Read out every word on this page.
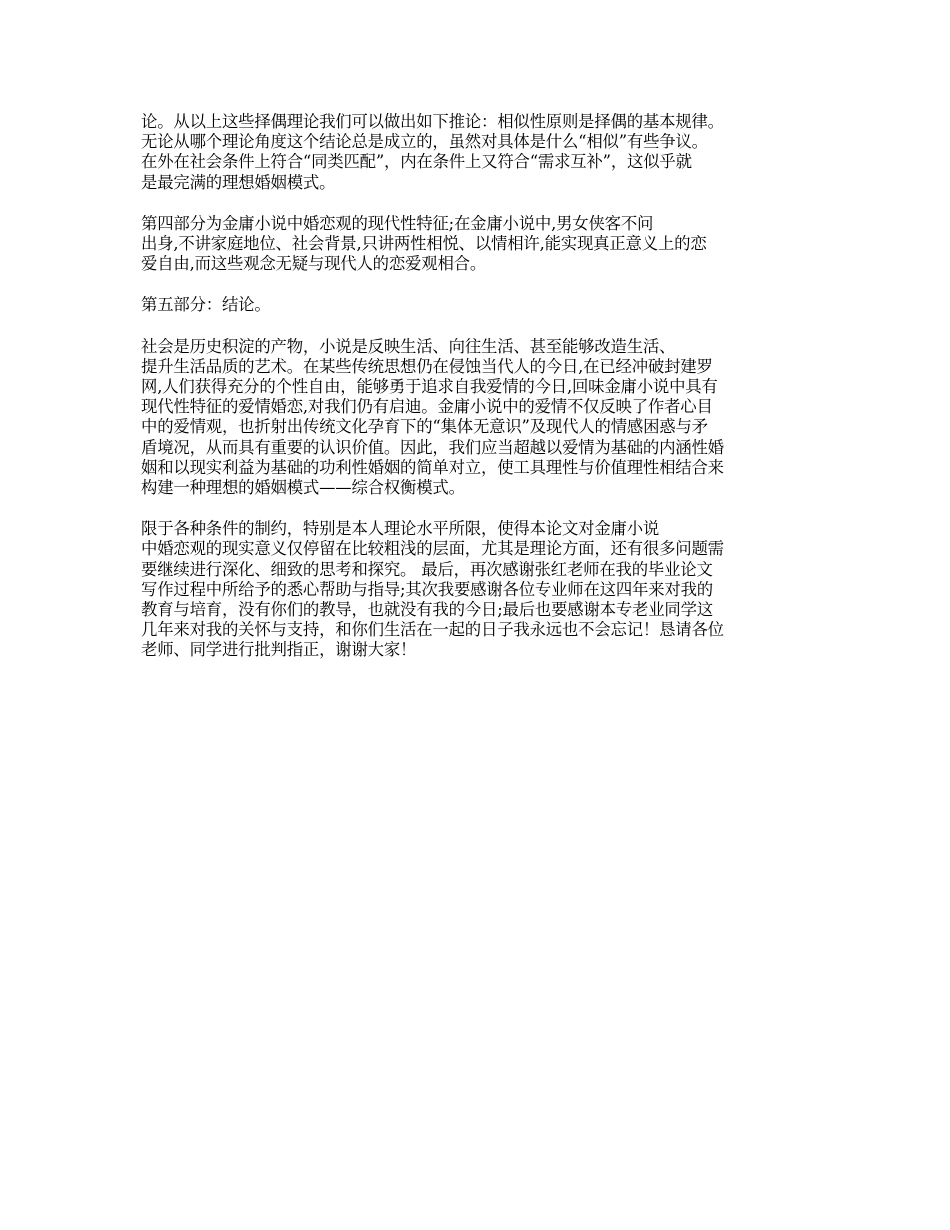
论。从以上这些择偶理论我们可以做出如下推论：相似性原则是择偶的基本规律。
无论从哪个理论角度这个结论总是成立的，虽然对具体是什么“相似”有些争议。
在外在社会条件上符合“同类匹配”，内在条件上又符合“需求互补”，这似乎就
是最完满的理想婚姻模式。

第四部分为金庸小说中婚恋观的现代性特征;在金庸小说中,男女侠客不问
出身,不讲家庭地位、社会背景,只讲两性相悦、以情相许,能实现真正意义上的恋
爱自由,而这些观念无疑与现代人的恋爱观相合。

第五部分：结论。

社会是历史积淀的产物，小说是反映生活、向往生活、甚至能够改造生活、
提升生活品质的艺术。在某些传统思想仍在侵蚀当代人的今日,在已经冲破封建罗
网,人们获得充分的个性自由，能够勇于追求自我爱情的今日,回味金庸小说中具有
现代性特征的爱情婚恋,对我们仍有启迪。金庸小说中的爱情不仅反映了作者心目
中的爱情观，也折射出传统文化孕育下的“集体无意识”及现代人的情感困惑与矛
盾境况，从而具有重要的认识价值。因此，我们应当超越以爱情为基础的内涵性婚
姻和以现实利益为基础的功利性婚姻的简单对立，使工具理性与价值理性相结合来
构建一种理想的婚姻模式——综合权衡模式。

限于各种条件的制约，特别是本人理论水平所限，使得本论文对金庸小说
中婚恋观的现实意义仅停留在比较粗浅的层面，尤其是理论方面，还有很多问题需
要继续进行深化、细致的思考和探究。 最后，再次感谢张红老师在我的毕业论文
写作过程中所给予的悉心帮助与指导;其次我要感谢各位专业师在这四年来对我的
教育与培育，没有你们的教导，也就没有我的今日;最后也要感谢本专老业同学这
几年来对我的关怀与支持，和你们生活在一起的日子我永远也不会忘记！恳请各位
老师、同学进行批判指正，谢谢大家！
